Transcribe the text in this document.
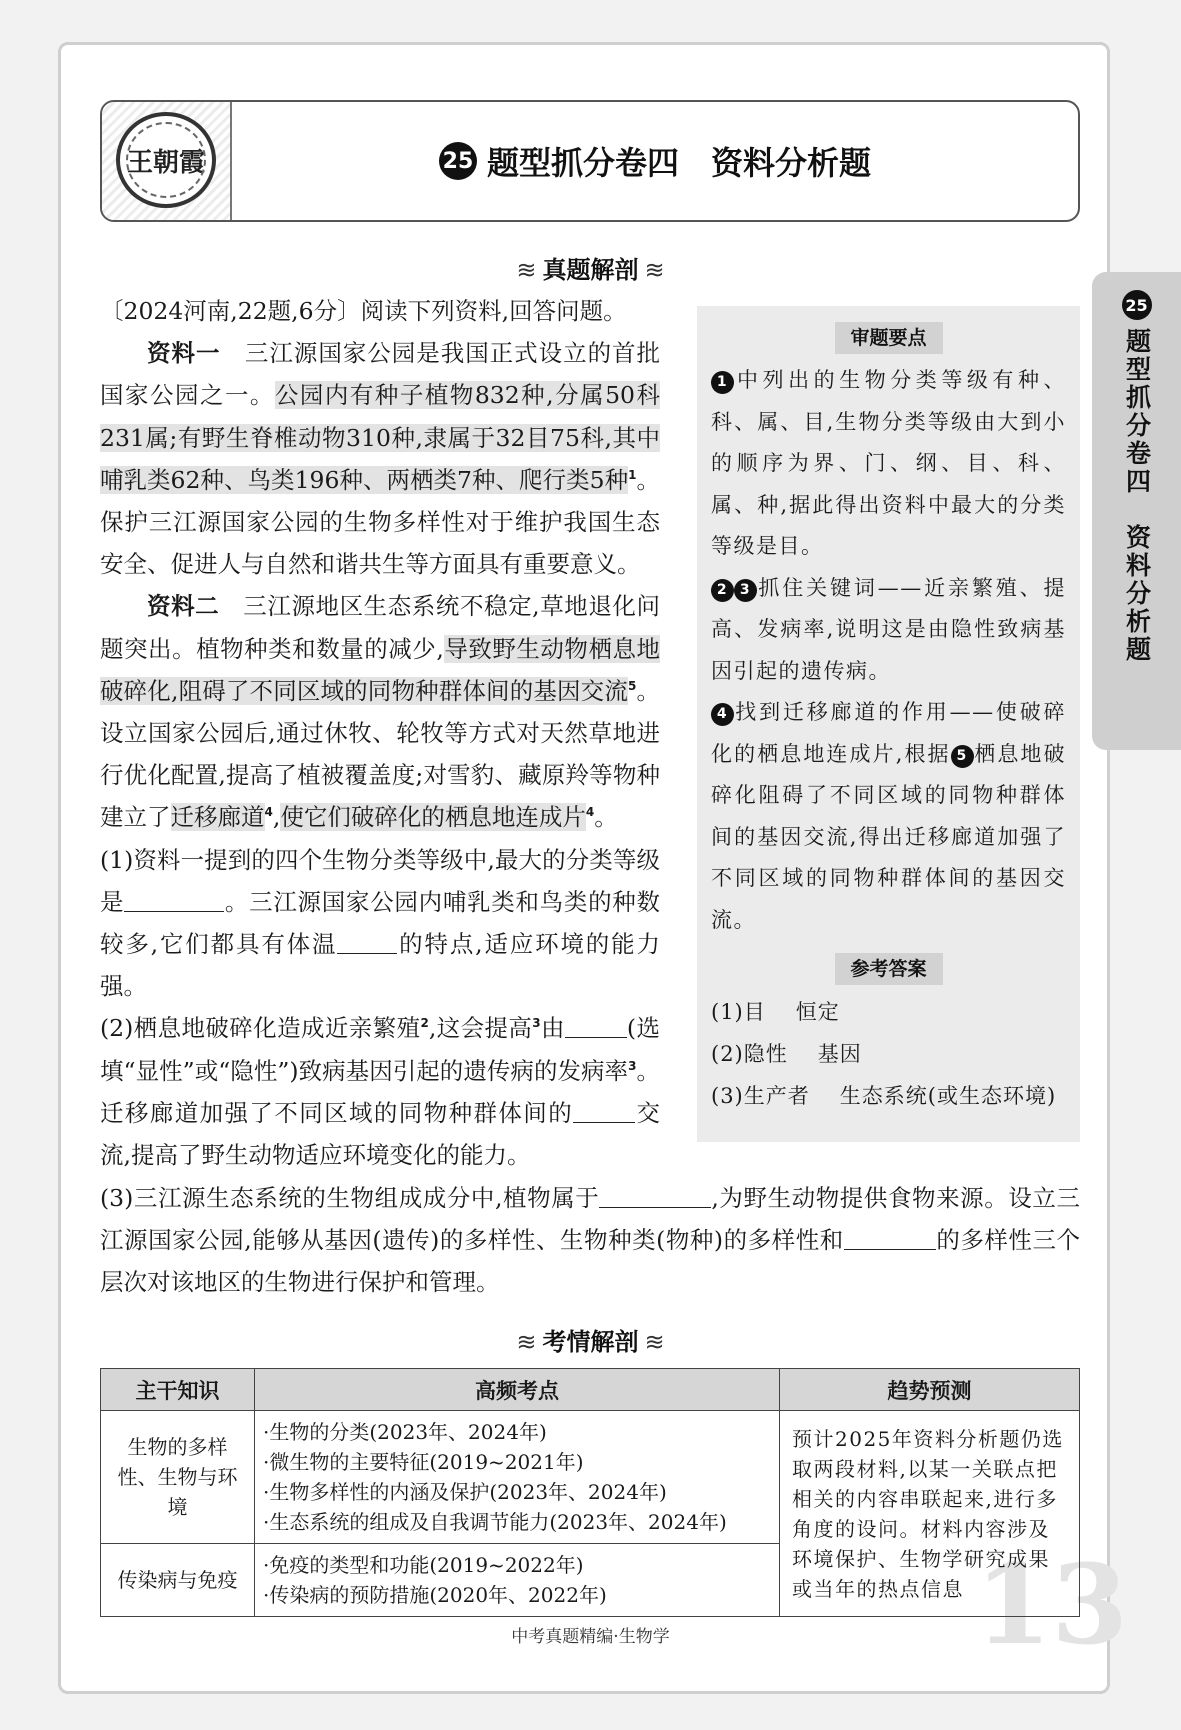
王朝霞	25 题型抓分卷四　资料分析题
25
题型抓分卷四　资料分析题
≋ 真题解剖 ≋

〔2024河南,22题,6分〕阅读下列资料,回答问题。

资料一　 三江源国家公园是我国正式设立的首批国家公园之一。公园内有种子植物832种,分属50科231属;有野生脊椎动物310种,隶属于32目75科,其中哺乳类62种、鸟类196种、两栖类7种、爬行类5种$^1$。保护三江源国家公园的生物多样性对于维护我国生态安全、促进人与自然和谐共生等方面具有重要意义。

资料二　 三江源地区生态系统不稳定,草地退化问题突出。植物种类和数量的减少,导致野生动物栖息地破碎化,阻碍了不同区域的同物种群体间的基因交流$^5$。设立国家公园后,通过休牧、轮牧等方式对天然草地进行优化配置,提高了植被覆盖度;对雪豹、藏原羚等物种建立了迁移廊道$^4$,使它们破碎化的栖息地连成片$^4$。

(1)资料一提到的四个生物分类等级中,最大的分类等级是	。三江源国家公园内哺乳类和鸟类的种数较多,它们都具有体温	的特点,适应环境的能力强。

(2)栖息地破碎化造成近亲繁殖$^2$,这会提高$^3$由	(选填“显性”或“隐性”)致病基因引起的遗传病的发病率$^3$。迁移廊道加强了不同区域的同物种群体间的	交流,提高了野生动物适应环境变化的能力。

(3)三江源生态系统的生物组成成分中,植物属于	,为野生动物提供食物来源。设立三江源国家公园,能够从基因(遗传)的多样性、生物种类(物种)的多样性和	的多样性三个层次对该地区的生物进行保护和管理。
审题要点
1 中列出的生物分类等级有种、科、属、目,生物分类等级由大到小的顺序为界、门、纲、目、科、属、种,据此得出资料中最大的分类等级是目。
2 3 抓住关键词——近亲繁殖、提高、发病率,说明这是由隐性致病基因引起的遗传病。
4 找到迁移廊道的作用——使破碎化的栖息地连成片,根据 5 栖息地破碎化阻碍了不同区域的同物种群体间的基因交流,得出迁移廊道加强了不同区域的同物种群体间的基因交流。
参考答案
(1)目 恒定
(2)隐性 基因
(3)生产者 生态系统(或生态环境)
≋ 考情解剖 ≋
13
主干知识	高频考点	趋势预测
生物的多样性、生物与环境	·生物的分类(2023年、2024年)
·微生物的主要特征(2019~2021年)
·生物多样性的内涵及保护(2023年、2024年)
·生态系统的组成及自我调节能力(2023年、2024年)	预计2025年资料分析题仍选取两段材料,以某一关联点把相关的内容串联起来,进行多角度的设问。材料内容涉及环境保护、生物学研究成果或当年的热点信息
传染病与免疫	·免疫的类型和功能(2019~2022年)
·传染病的预防措施(2020年、2022年)	
中考真题精编·生物学
